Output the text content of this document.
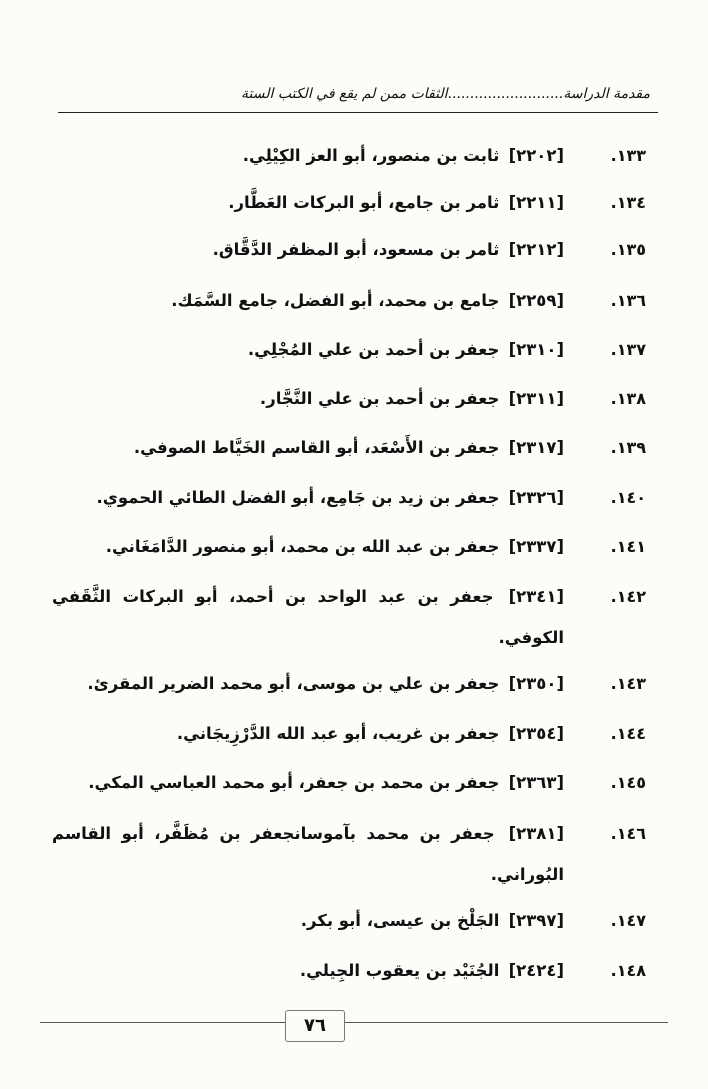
مقدمة الدراسة
..........................
الثقات ممن لم يقع في الكتب الستة
١٣٣.
[٢٢٠٢] ثابت بن منصور، أبو العز الكِيْلِي.
١٣٤.
[٢٢١١] ثامر بن جامع، أبو البركات العَطَّار.
١٣٥.
[٢٢١٢] ثامر بن مسعود، أبو المظفر الدَّقَّاق.
١٣٦.
[٢٢٥٩] جامع بن محمد، أبو الفضل، جامع السَّمَك.
١٣٧.
[٢٣١٠] جعفر بن أحمد بن علي المُجْلِي.
١٣٨.
[٢٣١١] جعفر بن أحمد بن علي النَّجَّار.
١٣٩.
[٢٣١٧] جعفر بن الأَسْعَد، أبو القاسم الخَيَّاط الصوفي.
١٤٠.
[٢٣٢٦] جعفر بن زيد بن جَامِع، أبو الفضل الطائي الحموي.
١٤١.
[٢٣٣٧] جعفر بن عبد الله بن محمد، أبو منصور الدَّامَغَاني.
١٤٢.
[٢٣٤١] جعفر بن عبد الواحد بن أحمد، أبو البركات الثَّقَفي الكوفي.
١٤٣.
[٢٣٥٠] جعفر بن علي بن موسى، أبو محمد الضرير المقرئ.
١٤٤.
[٢٣٥٤] جعفر بن غريب، أبو عبد الله الدَّرْزِيجَاني.
١٤٥.
[٢٣٦٣] جعفر بن محمد بن جعفر، أبو محمد العباسي المكي.
١٤٦.
[٢٣٨١] جعفر بن محمد بآموسانجعفر بن مُظَفَّر، أبو القاسم البُوراني.
١٤٧.
[٢٣٩٧] الجَلْخ بن عيسى، أبو بكر.
١٤٨.
[٢٤٢٤] الجُنَيْد بن يعقوب الجِيلي.
٧٦
